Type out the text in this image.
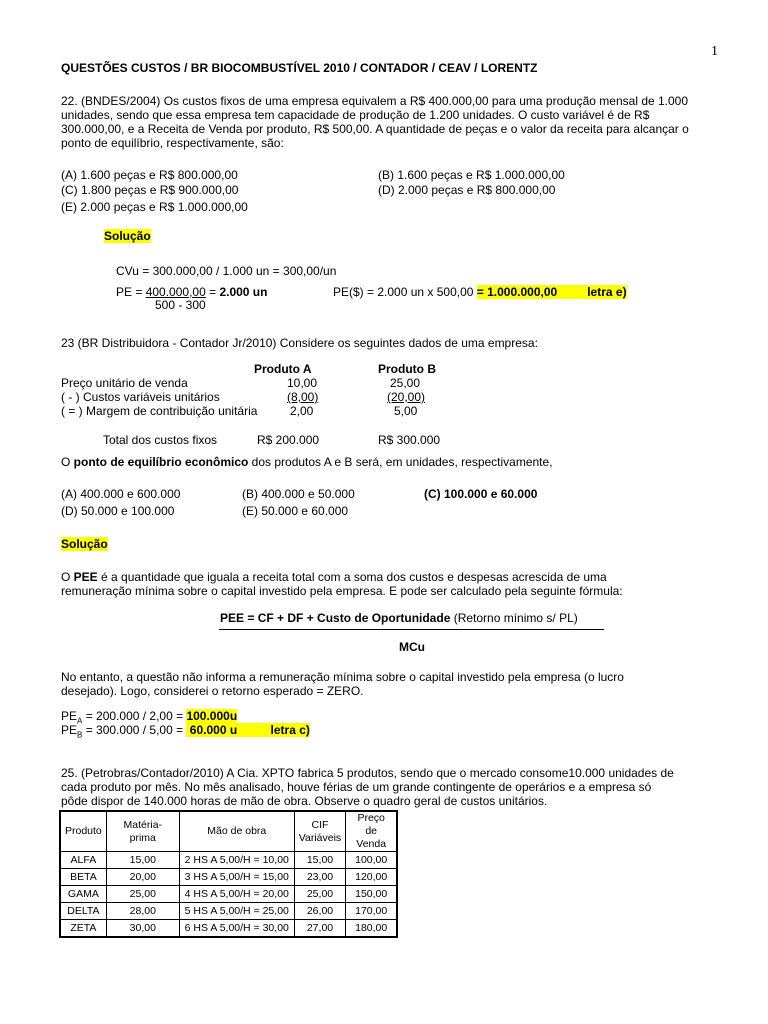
1
QUESTÕES CUSTOS / BR BIOCOMBUSTÍVEL 2010 / CONTADOR / CEAV / LORENTZ
22. (BNDES/2004) Os custos fixos de uma empresa equivalem a R$ 400.000,00 para uma produção mensal de 1.000
unidades, sendo que essa empresa tem capacidade de produção de 1.200 unidades. O custo variável é de R$
300.000,00, e a Receita de Venda por produto, R$ 500,00. A quantidade de peças e o valor da receita para alcançar o
ponto de equilíbrio, respectivamente, são:
(A) 1.600 peças e R$ 800.000,00	(B) 1.600 peças e R$ 1.000.000,00
(C) 1.800 peças e R$ 900.000,00	(D) 2.000 peças e R$ 800.000,00
(E) 2.000 peças e R$ 1.000.000,00
Solução
CVu = 300.000,00 / 1.000 un = 300,00/un
PE = 400.000,00 = 2.000 un
500 - 300
PE($) = 2.000 un x 500,00 = 1.000.000,00	letra e)
23 (BR Distribuidora - Contador Jr/2010) Considere os seguintes dados de uma empresa:
Produto A	Produto B
Preço unitário de venda	10,00	25,00
( - ) Custos variáveis unitários	(8,00)	(20,00)
( = ) Margem de contribuição unitária	2,00	5,00
Total dos custos fixos	R$ 200.000	R$ 300.000
O ponto de equilíbrio econômico dos produtos A e B será, em unidades, respectivamente,
(A) 400.000 e 600.000	(B) 400.000 e 50.000	(C) 100.000 e 60.000
(D) 50.000 e 100.000	(E) 50.000 e 60.000
Solução
O PEE é a quantidade que iguala a receita total com a soma dos custos e despesas acrescida de uma
remuneração mínima sobre o capital investido pela empresa. E pode ser calculado pela seguinte fórmula:
PEE = CF + DF + Custo de Oportunidade (Retorno mínimo s/ PL)
MCu
No entanto, a questão não informa a remuneração mínima sobre o capital investido pela empresa (o lucro
desejado). Logo, considerei o retorno esperado = ZERO.
$PE_A = 200.000 / 2,00 = 100.000u$
$PE_B = 300.000 / 5,00 = 60.000$ u	letra c)
25. (Petrobras/Contador/2010) A Cia. XPTO fabrica 5 produtos, sendo que o mercado consome10.000 unidades de
cada produto por mês. No mês analisado, houve férias de um grande contingente de operários e a empresa só
pôde dispor de 140.000 horas de mão de obra. Observe o quadro geral de custos unitários.
Produto	Matéria-prima	Mão de obra	CIF Variáveis	Preço de Venda
ALFA	15,00	2 HS A 5,00/H = 10,00	15,00	100,00
BETA	20,00	3 HS A 5,00/H = 15,00	23,00	120,00
GAMA	25,00	4 HS A 5,00/H = 20,00	25,00	150,00
DELTA	28,00	5 HS A 5,00/H = 25,00	26,00	170,00
ZETA	30,00	6 HS A 5,00/H = 30,00	27,00	180,00
